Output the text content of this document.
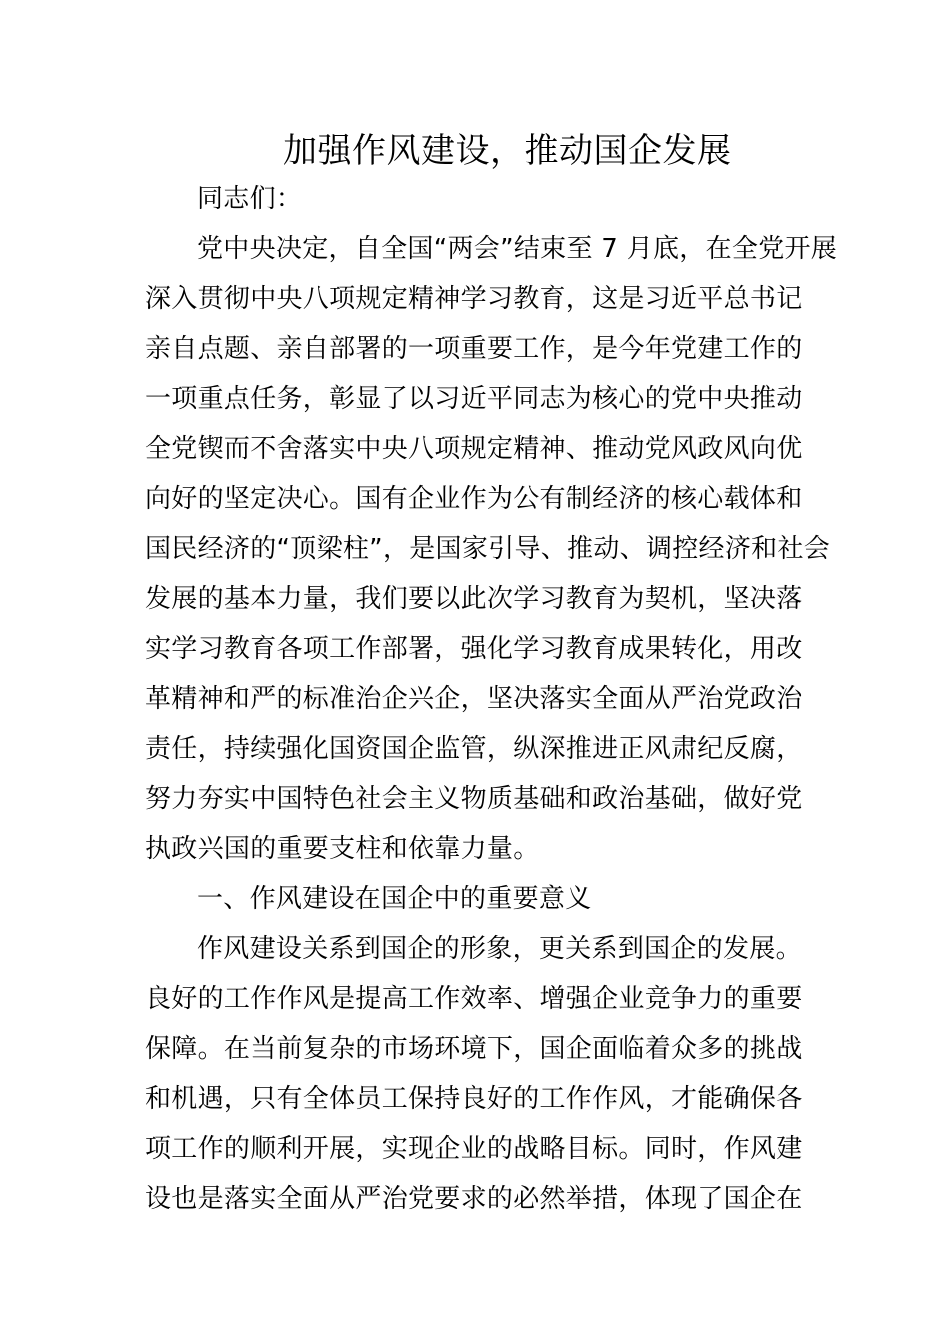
加强作风建设，推动国企发展
同志们：
党中央决定，自全国“两会”结束至 7 月底，在全党开展
深入贯彻中央八项规定精神学习教育，这是习近平总书记
亲自点题、亲自部署的一项重要工作，是今年党建工作的
一项重点任务，彰显了以习近平同志为核心的党中央推动
全党锲而不舍落实中央八项规定精神、推动党风政风向优
向好的坚定决心。国有企业作为公有制经济的核心载体和
国民经济的“顶梁柱”，是国家引导、推动、调控经济和社会
发展的基本力量，我们要以此次学习教育为契机，坚决落
实学习教育各项工作部署，强化学习教育成果转化，用改
革精神和严的标准治企兴企，坚决落实全面从严治党政治
责任，持续强化国资国企监管，纵深推进正风肃纪反腐，
努力夯实中国特色社会主义物质基础和政治基础，做好党
执政兴国的重要支柱和依靠力量。
一、作风建设在国企中的重要意义
作风建设关系到国企的形象，更关系到国企的发展。
良好的工作作风是提高工作效率、增强企业竞争力的重要
保障。在当前复杂的市场环境下，国企面临着众多的挑战
和机遇，只有全体员工保持良好的工作作风，才能确保各
项工作的顺利开展，实现企业的战略目标。同时，作风建
设也是落实全面从严治党要求的必然举措，体现了国企在
